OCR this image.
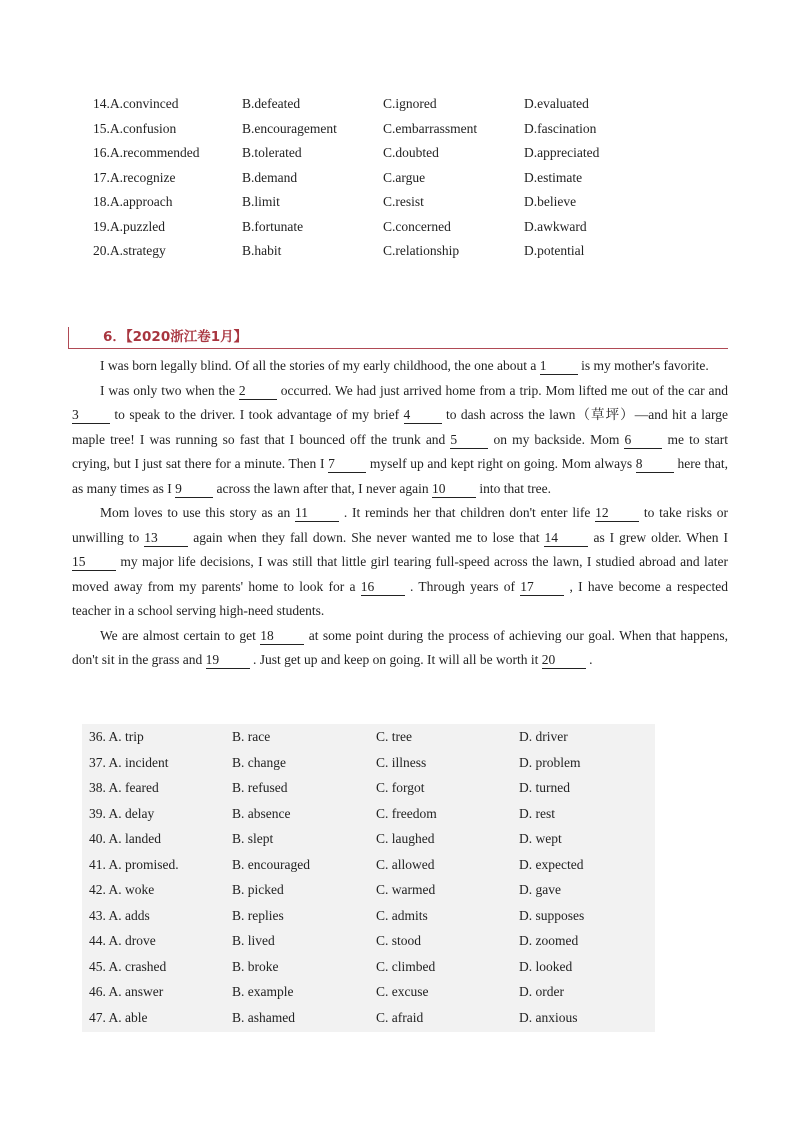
14.A.convinced	B.defeated	C.ignored	D.evaluated
15.A.confusion	B.encouragement	C.embarrassment	D.fascination
16.A.recommended	B.tolerated	C.doubted	D.appreciated
17.A.recognize	B.demand	C.argue	D.estimate
18.A.approach	B.limit	C.resist	D.believe
19.A.puzzled	B.fortunate	C.concerned	D.awkward
20.A.strategy	B.habit	C.relationship	D.potential
6．【2020浙江卷1月】

I was born legally blind. Of all the stories of my early childhood, the one about a 1 is my mother's favorite.

I was only two when the 2 occurred. We had just arrived home from a trip. Mom lifted me out of the car and 3 to speak to the driver. I took advantage of my brief 4 to dash across the lawn（草坪）—and hit a large maple tree! I was running so fast that I bounced off the trunk and 5 on my backside. Mom 6 me to start crying, but I just sat there for a minute. Then I 7 myself up and kept right on going. Mom always 8 here that, as many times as I 9 across the lawn after that, I never again 10 into that tree.

Mom loves to use this story as an 11 . It reminds her that children don't enter life 12 to take risks or unwilling to 13 again when they fall down. She never wanted me to lose that 14 as I grew older. When I 15 my major life decisions, I was still that little girl tearing full-speed across the lawn, I studied abroad and later moved away from my parents' home to look for a 16 . Through years of 17 , I have become a respected teacher in a school serving high-need students.

We are almost certain to get 18 at some point during the process of achieving our goal. When that happens, don't sit in the grass and 19 . Just get up and keep on going. It will all be worth it 20 .

36. A. trip	B. race	C. tree	D. driver
37. A. incident	B. change	C. illness	D. problem
38. A. feared	B. refused	C. forgot	D. turned
39. A. delay	B. absence	C. freedom	D. rest
40. A. landed	B. slept	C. laughed	D. wept
41. A. promised.	B. encouraged	C. allowed	D. expected
42. A. woke	B. picked	C. warmed	D. gave
43. A. adds	B. replies	C. admits	D. supposes
44. A. drove	B. lived	C. stood	D. zoomed
45. A. crashed	B. broke	C. climbed	D. looked
46. A. answer	B. example	C. excuse	D. order
47. A. able	B. ashamed	C. afraid	D. anxious
